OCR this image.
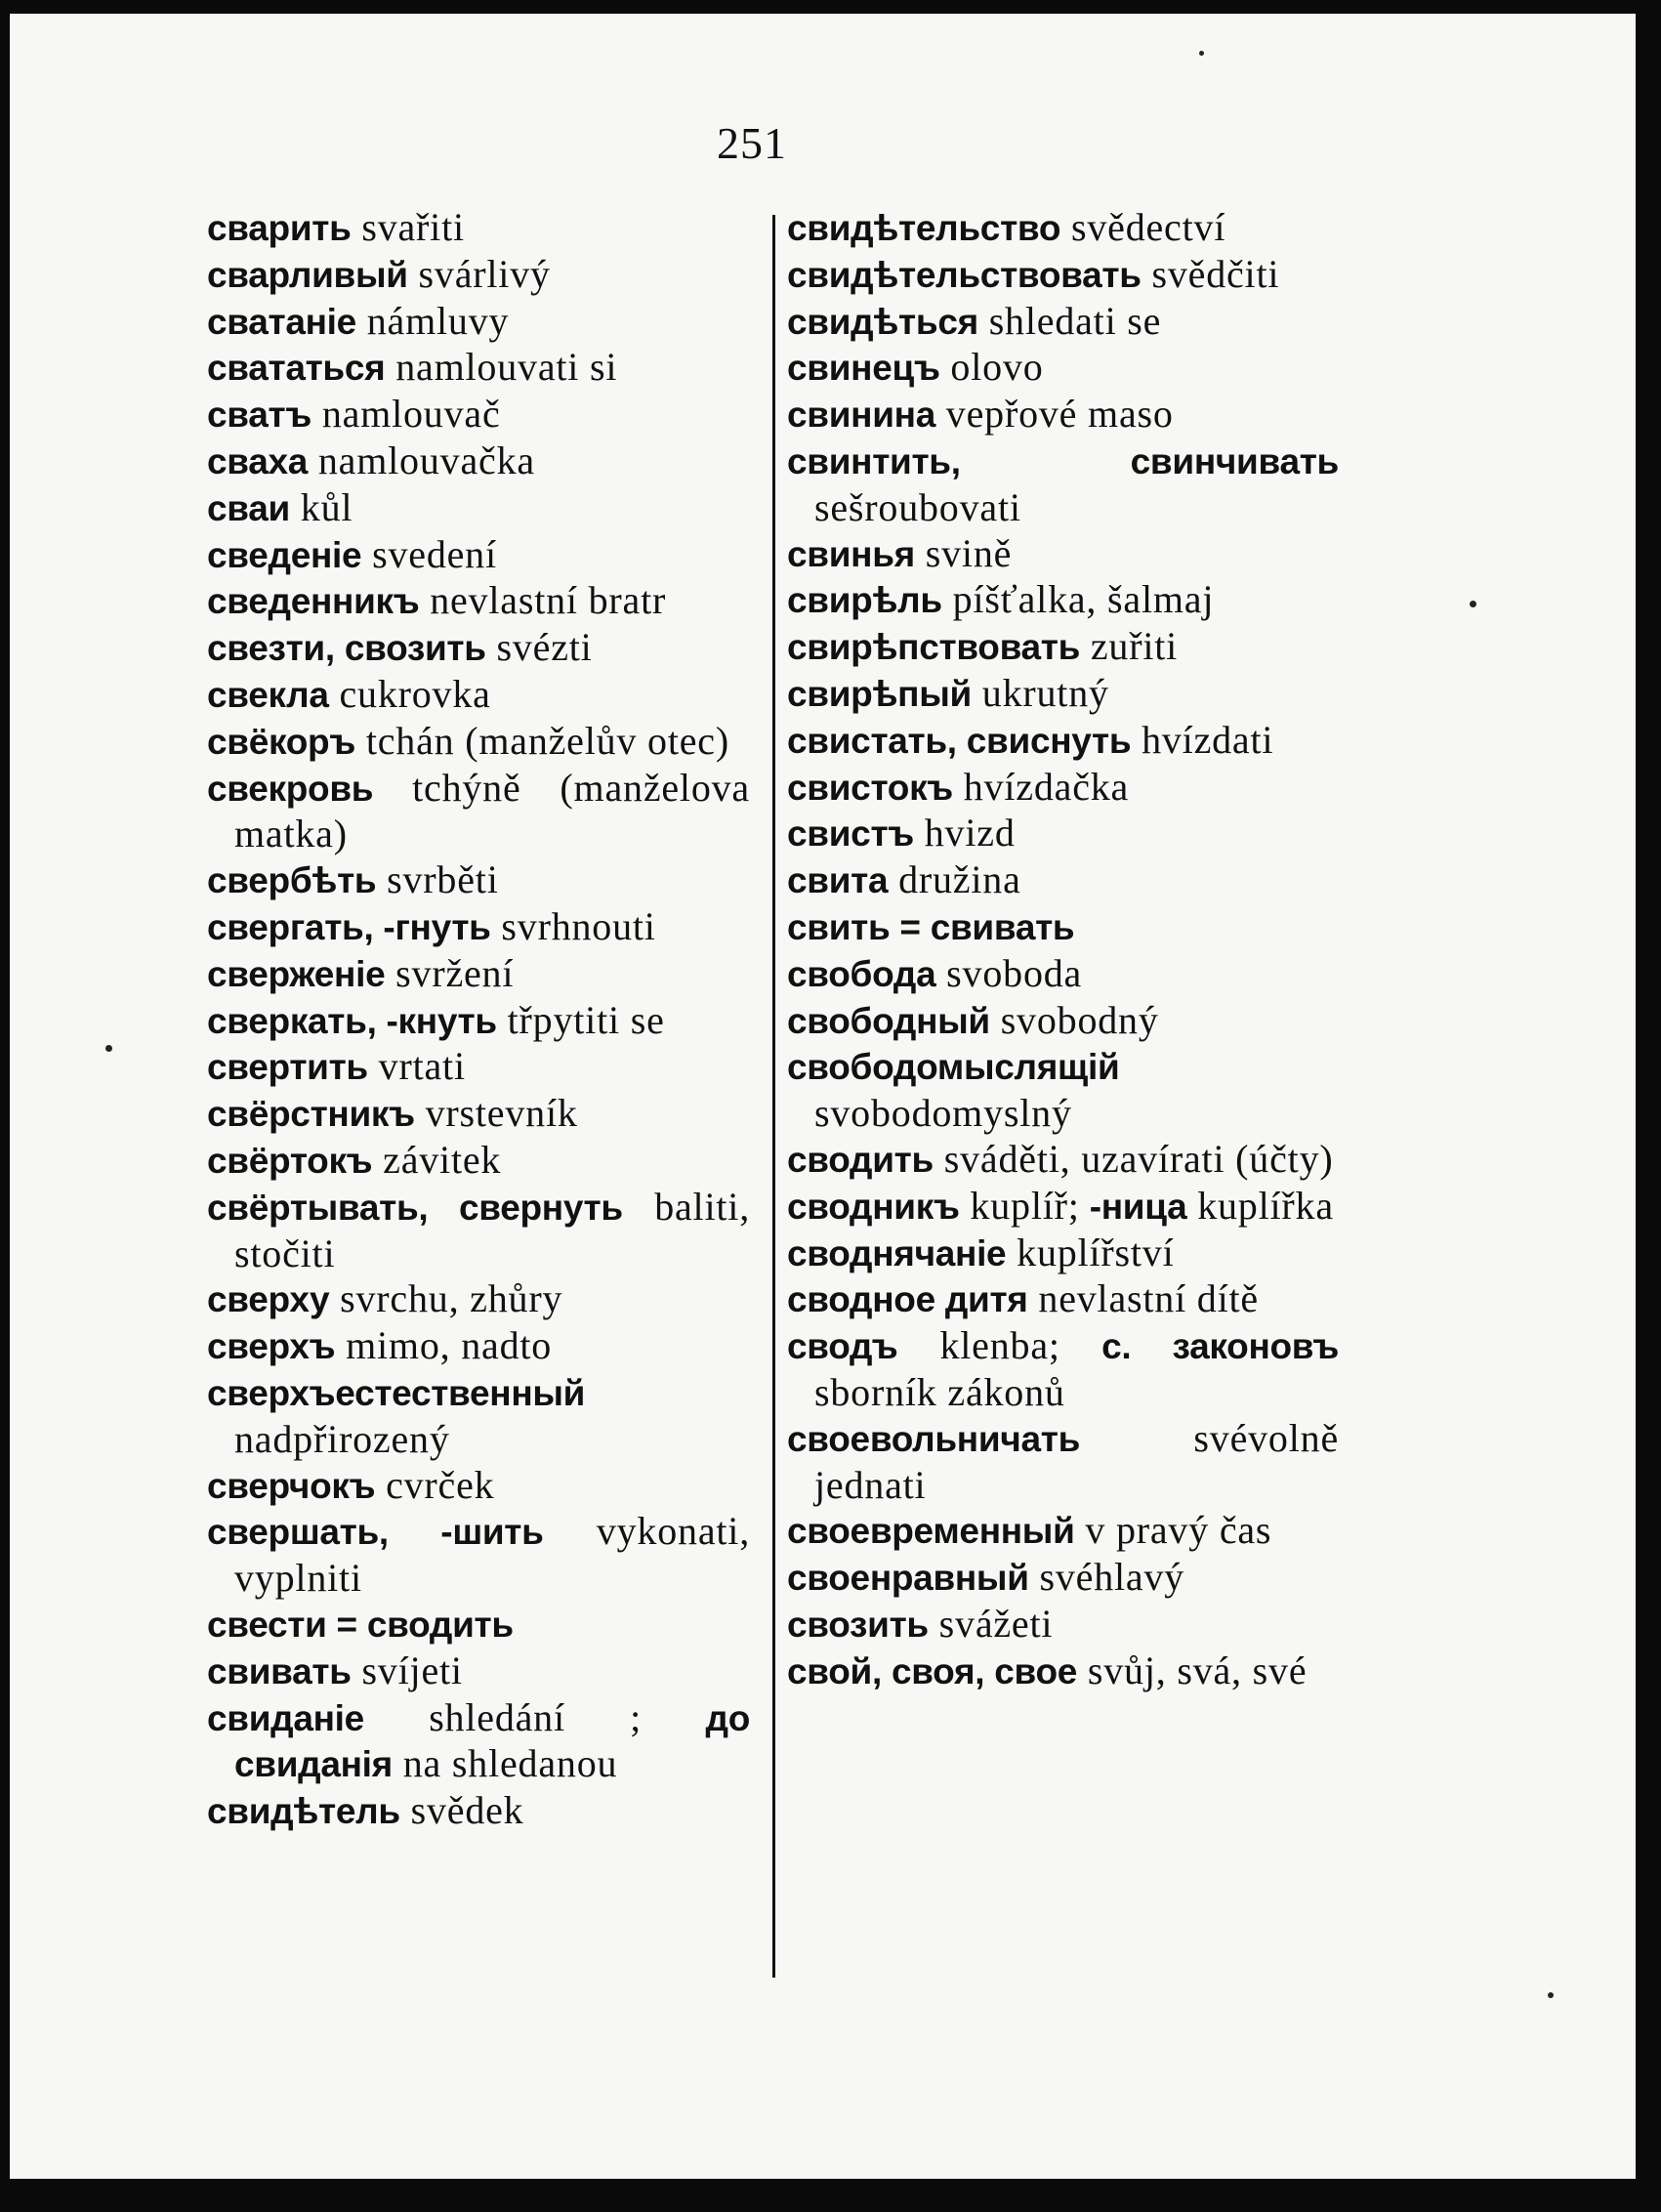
251

сварить svařiti

сварливый svárlivý

сватаніе námluvy

свататься namlouvati si

сватъ namlouvač

сваха namlouvačka

сваи kůl

сведеніе svedení

сведенникъ nevlastní bratr

свезти, свозить svézti

свекла cukrovka

свёкоръ tchán (manželův otec)

свекровь tchýně (manželova matka)

свербѣть svrběti

свергать, -гнуть svrhnouti

сверженіе svržení

сверкать, -кнуть třpytiti se

свертить vrtati

свёрстникъ vrstevník

свёртокъ závitek

свёртывать, свернуть baliti, stočiti

сверху svrchu, zhůry

сверхъ mimo, nadto

сверхъестественный nadpřirozený

сверчокъ cvrček

свершать, -шить vykonati, vyplniti

свести = сводить

свивать svíjeti

свиданіе shledání ; до свиданія na shledanou

свидѣтель svědek

свидѣтельство svědectví

свидѣтельствовать svědčiti

свидѣться shledati se

свинецъ olovo

свинина vepřové maso

свинтить, свинчивать sešroubovati

свинья svině

свирѣль píšťalka, šalmaj

свирѣпствовать zuřiti

свирѣпый ukrutný

свистать, свиснуть hvízdati

свистокъ hvízdačka

свистъ hvizd

свита družina

свить = свивать

свобода svoboda

свободный svobodný

свободомыслящій svobodomyslný

сводить sváděti, uzavírati (účty)

сводникъ kuplíř; -ница kuplířka

своднячаніе kuplířství

сводное дитя nevlastní dítě

сводъ klenba; с. законовъ sborník zákonů

своевольничать svévolně jednati

своевременный v pravý čas

своенравный svéhlavý

свозить svážeti

свой, своя, свое svůj, svá, své
